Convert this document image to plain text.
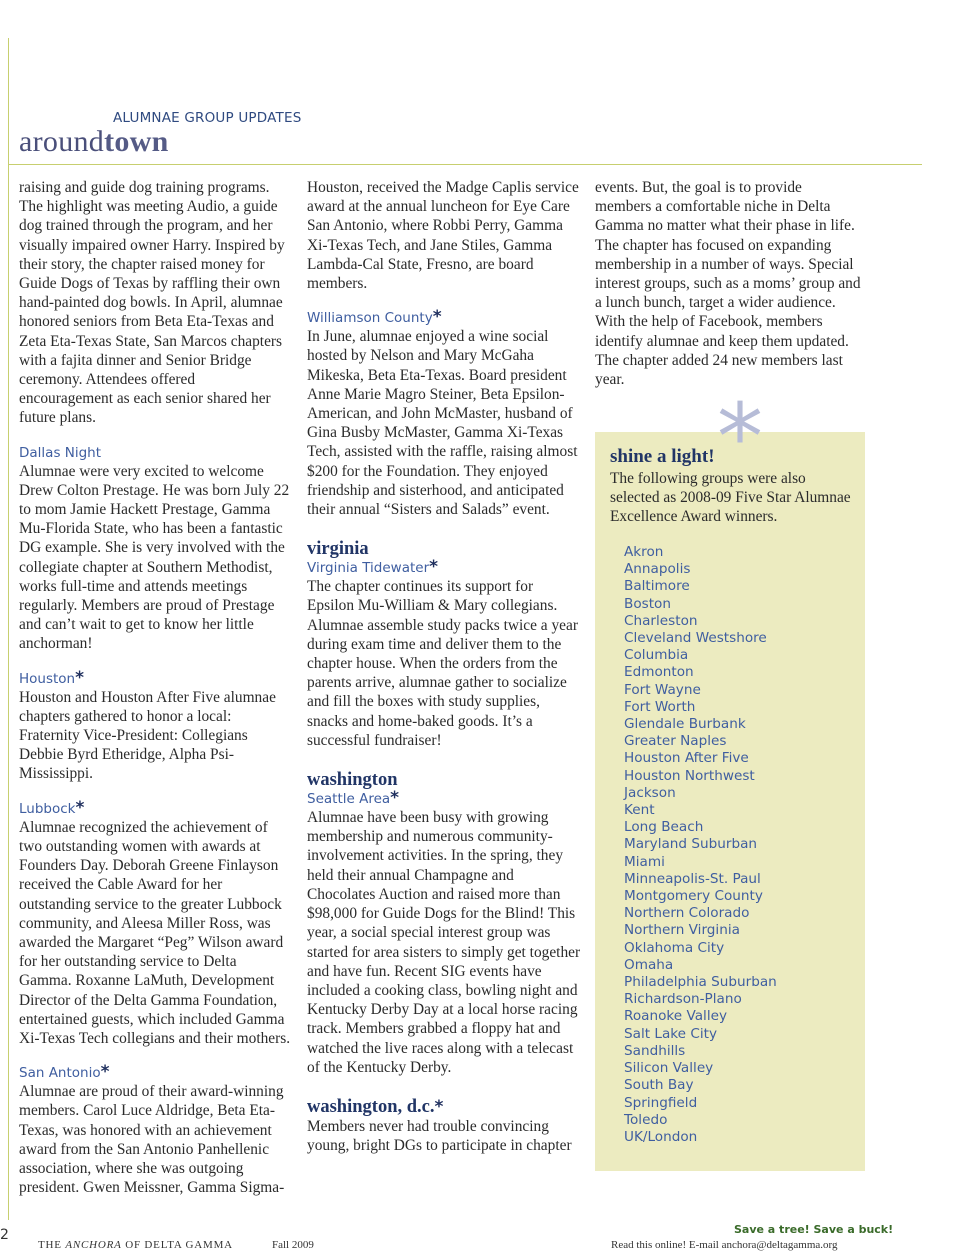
ALUMNAE GROUP UPDATES
aroundtown

raising and guide dog training programs. The highlight was meeting Audio, a guide dog trained through the program, and her visually impaired owner Harry. Inspired by their story, the chapter raised money for Guide Dogs of Texas by raffling their own hand-painted dog bowls. In April, alumnae honored seniors from Beta Eta-Texas and Zeta Eta-Texas State, San Marcos chapters with a fajita dinner and Senior Bridge ceremony. Attendees offered encouragement as each senior shared her future plans.

Dallas Night

Alumnae were very excited to welcome Drew Colton Prestage. He was born July 22 to mom Jamie Hackett Prestage, Gamma Mu-Florida State, who has been a fantastic DG example. She is very involved with the collegiate chapter at Southern Methodist, works full-time and attends meetings regularly. Members are proud of Prestage and can’t wait to get to know her little anchorman!

Houston*

Houston and Houston After Five alumnae chapters gathered to honor a local: Fraternity Vice-President: Collegians Debbie Byrd Etheridge, Alpha Psi-Mississippi.

Lubbock*

Alumnae recognized the achievement of two outstanding women with awards at Founders Day. Deborah Greene Finlayson received the Cable Award for her outstanding service to the greater Lubbock community, and Aleesa Miller Ross, was awarded the Margaret “Peg” Wilson award for her outstanding service to Delta Gamma. Roxanne LaMuth, Development Director of the Delta Gamma Foundation, entertained guests, which included Gamma Xi-Texas Tech collegians and their mothers.

San Antonio*

Alumnae are proud of their award-winning members. Carol Luce Aldridge, Beta Eta-Texas, was honored with an achievement award from the San Antonio Panhellenic association, where she was outgoing president. Gwen Meissner, Gamma Sigma-

Houston, received the Madge Caplis service award at the annual luncheon for Eye Care San Antonio, where Robbi Perry, Gamma Xi-Texas Tech, and Jane Stiles, Gamma Lambda-Cal State, Fresno, are board members.

Williamson County*

In June, alumnae enjoyed a wine social hosted by Nelson and Mary McGaha Mikeska, Beta Eta-Texas. Board president Anne Marie Magro Steiner, Beta Epsilon-American, and John McMaster, husband of Gina Busby McMaster, Gamma Xi-Texas Tech, assisted with the raffle, raising almost $200 for the Foundation. They enjoyed friendship and sisterhood, and anticipated their annual “Sisters and Salads” event.

virginia
Virginia Tidewater*

The chapter continues its support for Epsilon Mu-William & Mary collegians. Alumnae assemble study packs twice a year during exam time and deliver them to the chapter house. When the orders from the parents arrive, alumnae gather to socialize and fill the boxes with study supplies, snacks and home-baked goods. It’s a successful fundraiser!

washington
Seattle Area*

Alumnae have been busy with growing membership and numerous community-involvement activities. In the spring, they held their annual Champagne and Chocolates Auction and raised more than $98,000 for Guide Dogs for the Blind! This year, a social special interest group was started for area sisters to simply get together and have fun. Recent SIG events have included a cooking class, bowling night and Kentucky Derby Day at a local horse racing track. Members grabbed a floppy hat and watched the live races along with a telecast of the Kentucky Derby.

washington, d.c.*

Members never had trouble convincing young, bright DGs to participate in chapter

events. But, the goal is to provide members a comfortable niche in Delta Gamma no matter what their phase in life. The chapter has focused on expanding membership in a number of ways. Special interest groups, such as a moms’ group and a lunch bunch, target a wider audience. With the help of Facebook, members identify alumnae and keep them updated. The chapter added 24 new members last year.

*
shine a light!
The following groups were also selected as 2008-09 Five Star Alumnae Excellence Award winners.
Akron
Annapolis
Baltimore
Boston
Charleston
Cleveland Westshore
Columbia
Edmonton
Fort Wayne
Fort Worth
Glendale Burbank
Greater Naples
Houston After Five
Houston Northwest
Jackson
Kent
Long Beach
Maryland Suburban
Miami
Minneapolis-St. Paul
Montgomery County
Northern Colorado
Northern Virginia
Oklahoma City
Omaha
Philadelphia Suburban
Richardson-Plano
Roanoke Valley
Salt Lake City
Sandhills
Silicon Valley
South Bay
Springfield
Toledo
UK/London
2	Save a tree! Save a buck!
THE ANCHORA OF DELTA GAMMA	Fall 2009	Read this online! E-mail anchora@deltagamma.org
